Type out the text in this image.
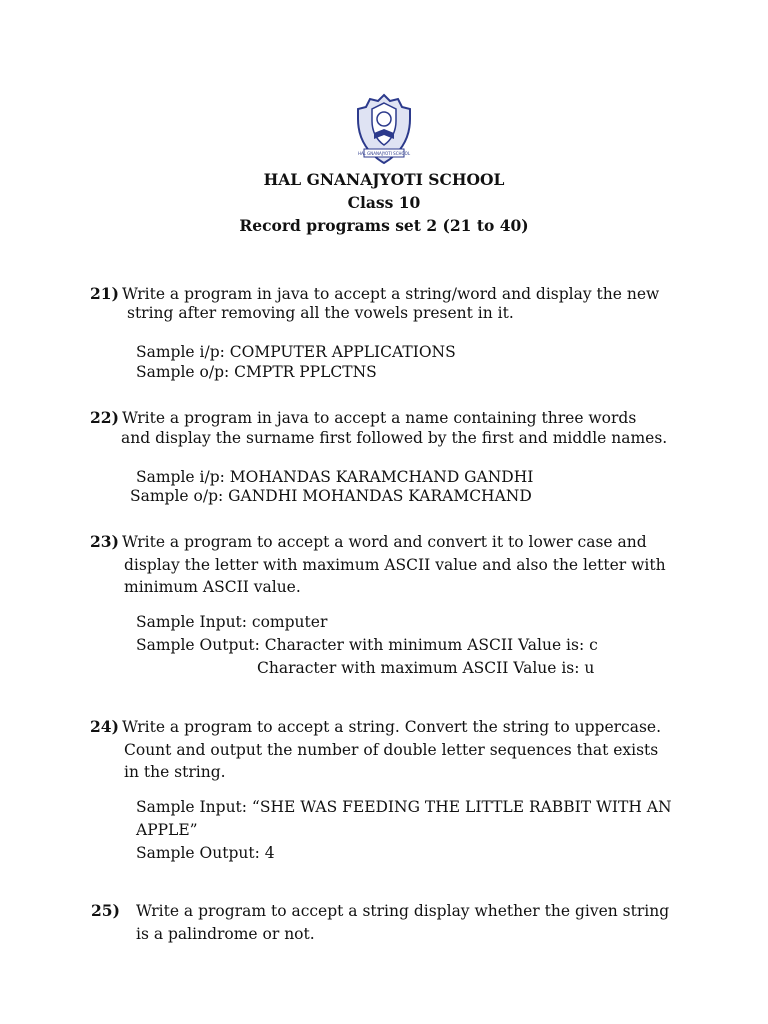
HAL GNANAJYOTI SCHOOL
HAL GNANAJYOTI SCHOOL
Class 10
Record programs set 2 (21 to 40)
21) Write a program in java to accept a string/word and display the new
string after removing all the vowels present in it.
Sample i/p: COMPUTER APPLICATIONS
Sample o/p: CMPTR PPLCTNS
22) Write a program in java to accept a name containing three words
and display the surname first followed by the first and middle names.
Sample i/p: MOHANDAS KARAMCHAND GANDHI
Sample o/p: GANDHI MOHANDAS KARAMCHAND
23) Write a program to accept a word and convert it to lower case and
display the letter with maximum ASCII value and also the letter with
minimum ASCII value.
Sample Input: computer
Sample Output: Character with minimum ASCII Value is: c
Character with maximum ASCII Value is: u
24) Write a program to accept a string. Convert the string to uppercase.
Count and output the number of double letter sequences that exists
in the string.
Sample Input: “SHE WAS FEEDING THE LITTLE RABBIT WITH AN
APPLE”
Sample Output: 4
25) Write a program to accept a string display whether the given string
is a palindrome or not.
